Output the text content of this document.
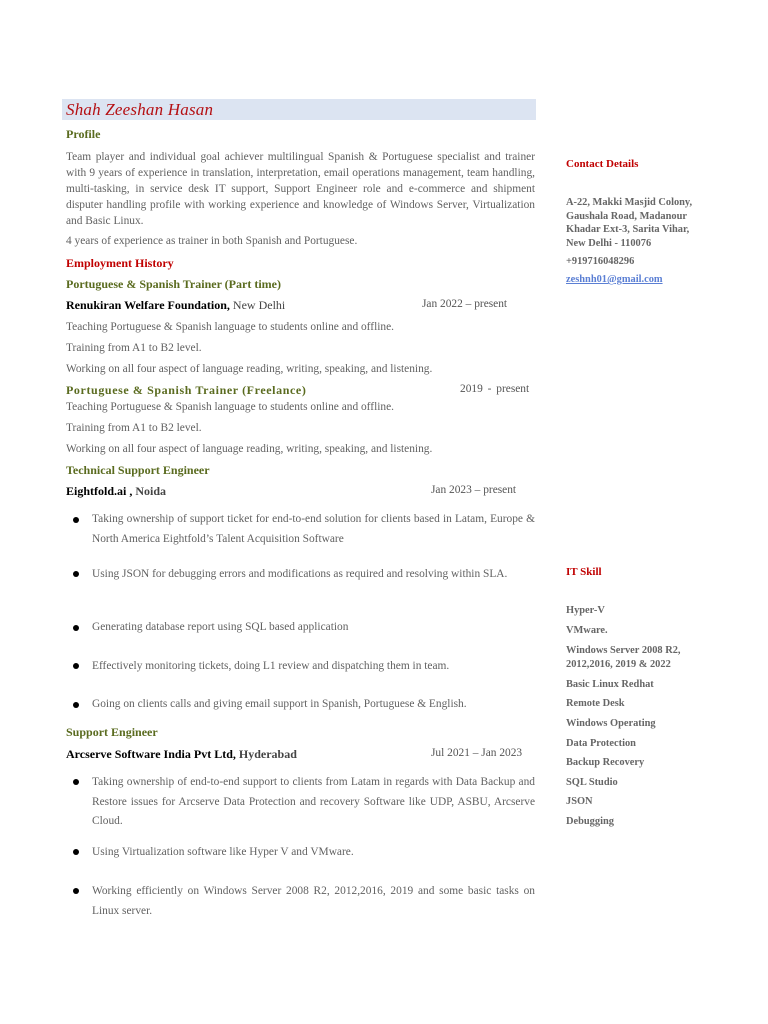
Shah Zeeshan Hasan
Profile
Team player and individual goal achiever multilingual Spanish & Portuguese specialist and trainer with 9 years of experience in translation, interpretation, email operations management, team handling, multi-tasking, in service desk IT support, Support Engineer role and e-commerce and shipment disputer handling profile with working experience and knowledge of Windows Server, Virtualization and Basic Linux.
4 years of experience as trainer in both Spanish and Portuguese.
Employment History
Portuguese & Spanish Trainer (Part time)
Renukiran Welfare Foundation, New Delhi	Jan 2022 – present
Teaching Portuguese & Spanish language to students online and offline.
Training from A1 to B2 level.
Working on all four aspect of language reading, writing, speaking, and listening.
Portuguese & Spanish Trainer (Freelance)	2019 - present
Teaching Portuguese & Spanish language to students online and offline.
Training from A1 to B2 level.
Working on all four aspect of language reading, writing, speaking, and listening.
Technical Support Engineer
Eightfold.ai , Noida	Jan 2023 – present
Taking ownership of support ticket for end-to-end solution for clients based in Latam, Europe & North America Eightfold’s Talent Acquisition Software
Using JSON for debugging errors and modifications as required and resolving within SLA.
Generating database report using SQL based application
Effectively monitoring tickets, doing L1 review and dispatching them in team.
Going on clients calls and giving email support in Spanish, Portuguese & English.
Support Engineer
Arcserve Software India Pvt Ltd, Hyderabad	Jul 2021 – Jan 2023
Taking ownership of end-to-end support to clients from Latam in regards with Data Backup and Restore issues for Arcserve Data Protection and recovery Software like UDP, ASBU, Arcserve Cloud.
Using Virtualization software like Hyper V and VMware.
Working efficiently on Windows Server 2008 R2, 2012,2016, 2019 and some basic tasks on Linux server.
Contact Details
A-22, Makki Masjid Colony,
Gaushala Road, Madanour
Khadar Ext-3, Sarita Vihar,
New Delhi - 110076
+919716048296
zeshnh01@gmail.com
IT Skill
Hyper-V
VMware.
Windows Server 2008 R2,
2012,2016, 2019 & 2022
Basic Linux Redhat
Remote Desk
Windows Operating
Data Protection
Backup Recovery
SQL Studio
JSON
Debugging
